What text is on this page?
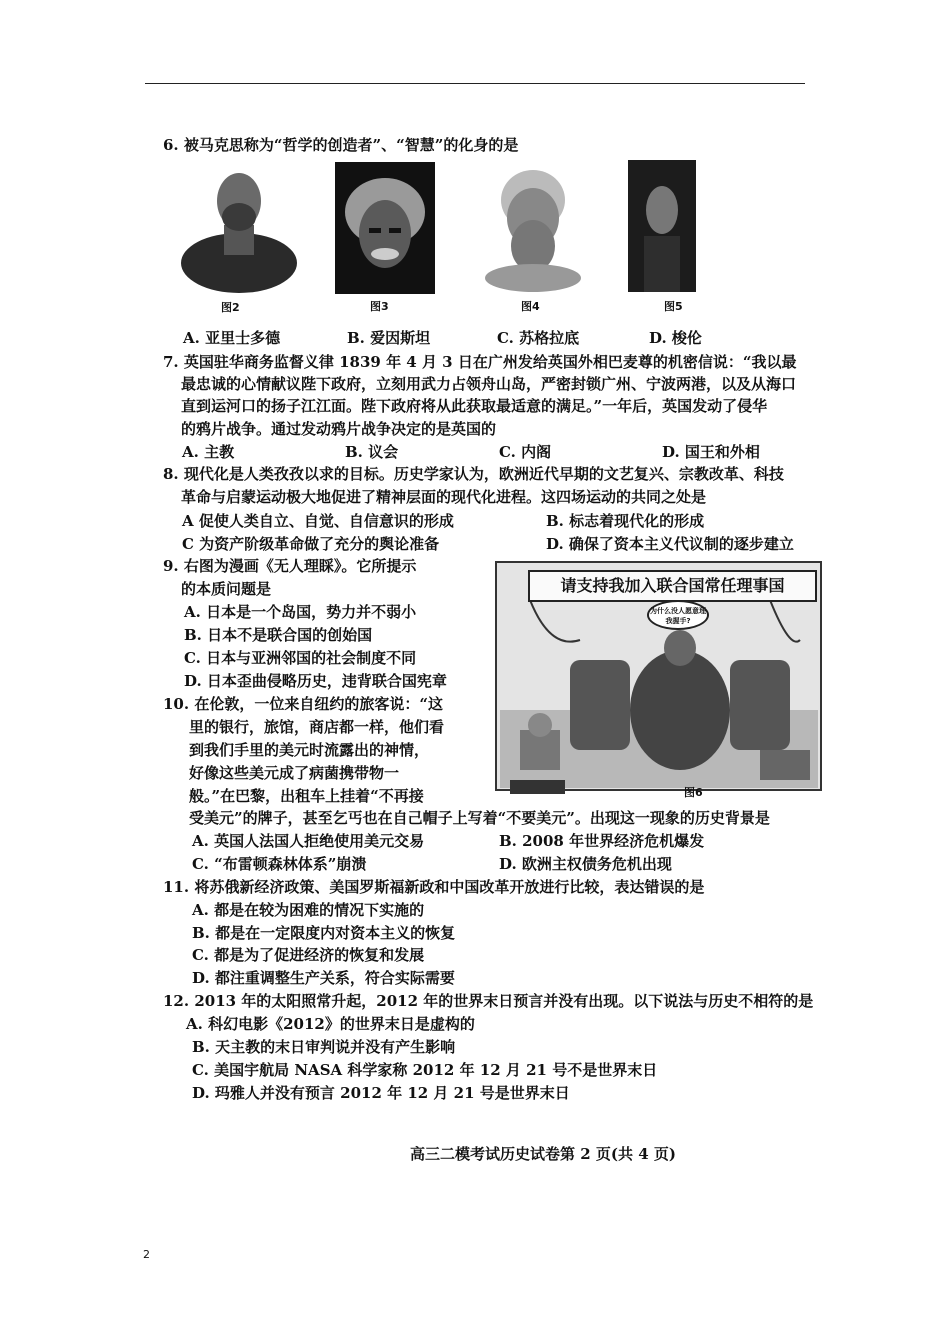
6. 被马克思称为“哲学的创造者”、“智慧”的化身的是
图2	图3	图4	图5
A. 亚里士多德	B. 爱因斯坦	C. 苏格拉底	D. 梭伦
7. 英国驻华商务监督义律 1839 年 4 月 3 日在广州发给英国外相巴麦尊的机密信说：“我以最
最忠诚的心情献议陛下政府，立刻用武力占领舟山岛，严密封锁广州、宁波两港，以及从海口
直到运河口的扬子江江面。陛下政府将从此获取最适意的满足。”一年后，英国发动了侵华
的鸦片战争。通过发动鸦片战争决定的是英国的
A. 主教	B. 议会	C. 内阁	D. 国王和外相
8. 现代化是人类孜孜以求的目标。历史学家认为，欧洲近代早期的文艺复兴、宗教改革、科技
革命与启蒙运动极大地促进了精神层面的现代化进程。这四场运动的共同之处是
A 促使人类自立、自觉、自信意识的形成	B. 标志着现代化的形成
C 为资产阶级革命做了充分的舆论准备	D. 确保了资本主义代议制的逐步建立
9. 右图为漫画《无人理睬》。它所提示
的本质问题是
A. 日本是一个岛国，势力并不弱小
B. 日本不是联合国的创始国
C. 日本与亚洲邻国的社会制度不同
D. 日本歪曲侵略历史，违背联合国宪章
请支持我加入联合国常任理事国
为什么没人愿意理我握手?
图6
10. 在伦敦，一位来自纽约的旅客说：“这
里的银行，旅馆，商店都一样，他们看
到我们手里的美元时流露出的神情，
好像这些美元成了病菌携带物一
般。”在巴黎，出租车上挂着“不再接
受美元”的牌子，甚至乞丐也在自己帽子上写着“不要美元”。出现这一现象的历史背景是
A. 英国人法国人拒绝使用美元交易	B. 2008 年世界经济危机爆发
C. “布雷顿森林体系”崩溃	D. 欧洲主权债务危机出现
11. 将苏俄新经济政策、美国罗斯福新政和中国改革开放进行比较，表达错误的是
A. 都是在较为困难的情况下实施的
B. 都是在一定限度内对资本主义的恢复
C. 都是为了促进经济的恢复和发展
D. 都注重调整生产关系，符合实际需要
12. 2013 年的太阳照常升起，2012 年的世界末日预言并没有出现。以下说法与历史不相符的是
A. 科幻电影《2012》的世界末日是虚构的
B. 天主教的末日审判说并没有产生影响
C. 美国宇航局 NASA 科学家称 2012 年 12 月 21 号不是世界末日
D. 玛雅人并没有预言 2012 年 12 月 21 号是世界末日
高三二模考试历史试卷第 2 页(共 4 页)
2
